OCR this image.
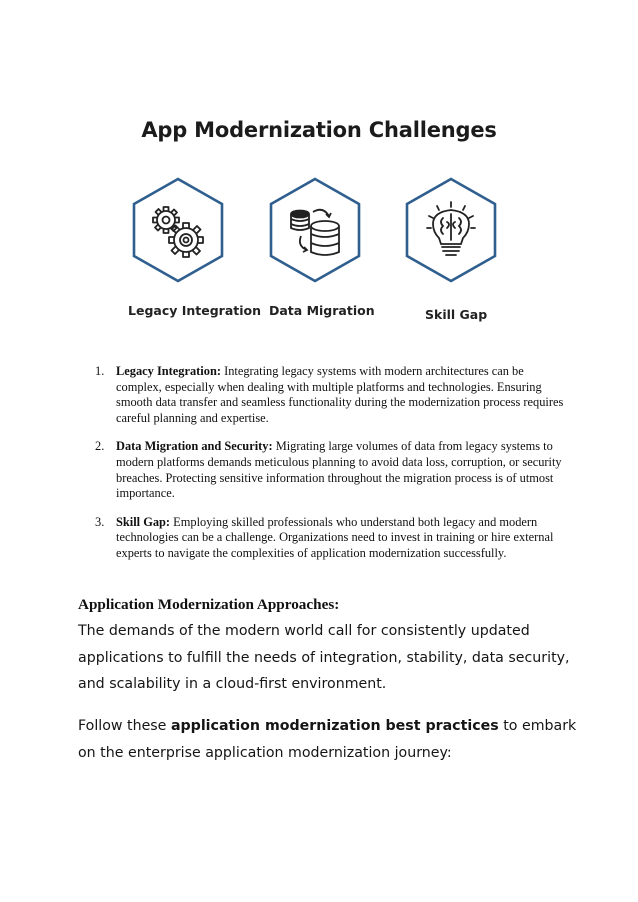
App Modernization Challenges
Legacy Integration Data Migration	Skill Gap
1. Legacy Integration: Integrating legacy systems with modern architectures can be complex, especially when dealing with multiple platforms and technologies. Ensuring smooth data transfer and seamless functionality during the modernization process requires careful planning and expertise.
2. Data Migration and Security: Migrating large volumes of data from legacy systems to modern platforms demands meticulous planning to avoid data loss, corruption, or security breaches. Protecting sensitive information throughout the migration process is of utmost importance.
3. Skill Gap: Employing skilled professionals who understand both legacy and modern technologies can be a challenge. Organizations need to invest in training or hire external experts to navigate the complexities of application modernization successfully.
Application Modernization Approaches:

The demands of the modern world call for consistently updated applications to fulfill the needs of integration, stability, data security, and scalability in a cloud-first environment.

Follow these application modernization best practices to embark on the enterprise application modernization journey:
